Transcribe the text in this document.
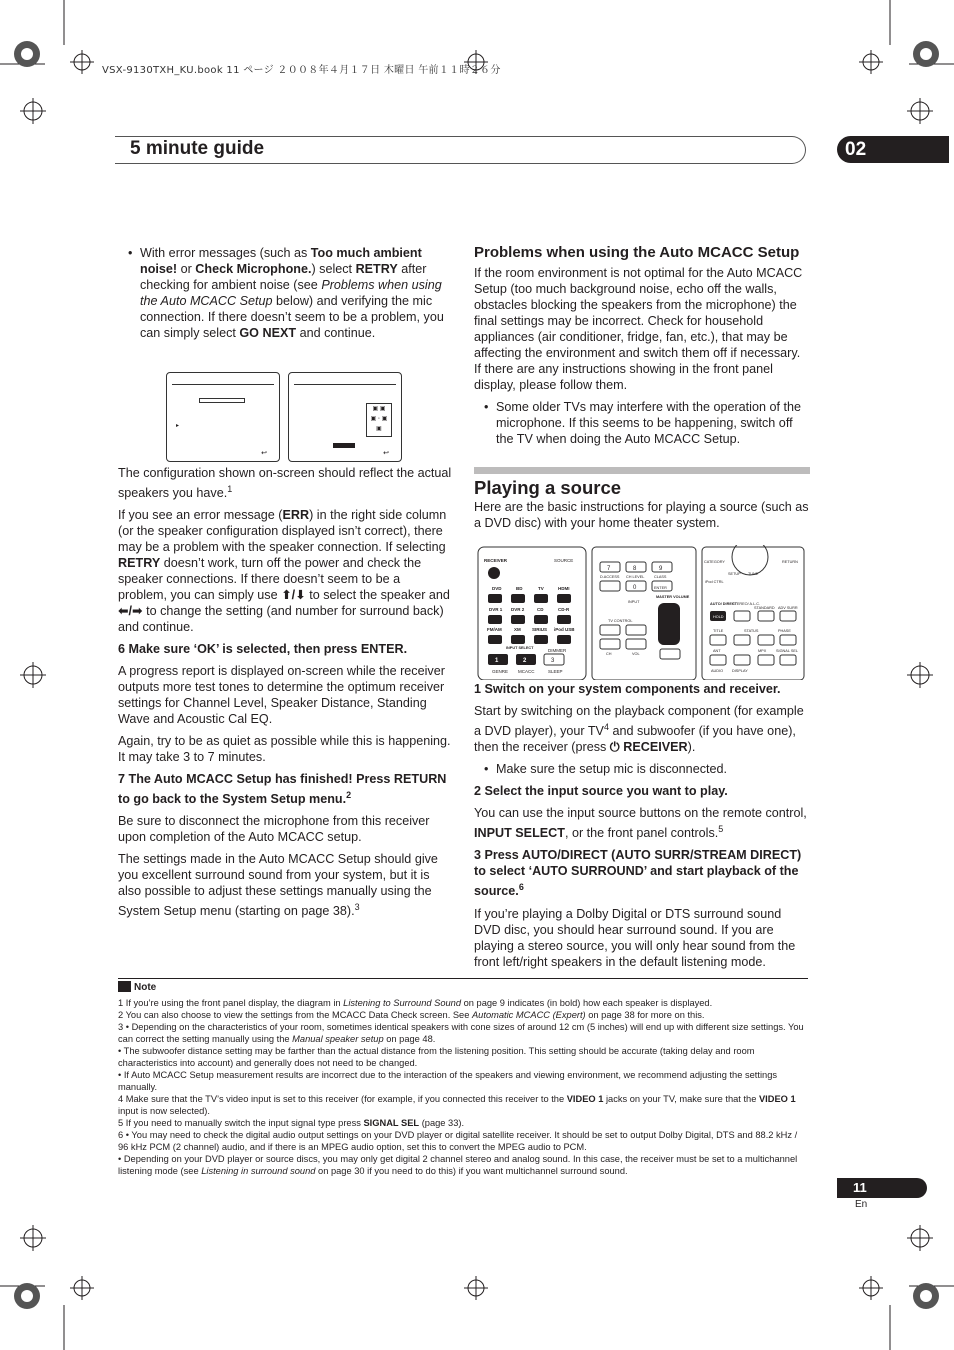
VSX-9130TXH_KU.book 11 ページ ２００８年４月１７日 木曜日 午前１１時２６分
5 minute guide	02

• With error messages (such as Too much ambient noise! or Check Microphone.) select RETRY after checking for ambient noise (see Problems when using the Auto MCACC Setup below) and verifying the mic connection. If there doesn’t seem to be a problem, you can simply select GO NEXT and continue.

The configuration shown on-screen should reflect the actual speakers you have.$^1$

If you see an error message (ERR) in the right side column (or the speaker configuration displayed isn’t correct), there may be a problem with the speaker connection. If selecting RETRY doesn’t work, turn off the power and check the speaker connections. If there doesn’t seem to be a problem, you can simply use ⬆/⬇ to select the speaker and ⬅/➡ to change the setting (and number for surround back) and continue.

6 Make sure ‘OK’ is selected, then press ENTER.

A progress report is displayed on-screen while the receiver outputs more test tones to determine the optimum receiver settings for Channel Level, Speaker Distance, Standing Wave and Acoustic Cal EQ.

Again, try to be as quiet as possible while this is happening. It may take 3 to 7 minutes.

7 The Auto MCACC Setup has finished! Press RETURN to go back to the System Setup menu.$^2$

Be sure to disconnect the microphone from this receiver upon completion of the Auto MCACC setup.

The settings made in the Auto MCACC Setup should give you excellent surround sound from your system, but it is also possible to adjust these settings manually using the System Setup menu (starting on page 38).$^3$

▸
↩
▣ ▣
▣ ◦ ▣
▣
↩
Problems when using the Auto MCACC Setup

If the room environment is not optimal for the Auto MCACC Setup (too much background noise, echo off the walls, obstacles blocking the speakers from the microphone) the final settings may be incorrect. Check for household appliances (air conditioner, fridge, fan, etc.), that may be affecting the environment and switch them off if necessary. If there are any instructions showing in the front panel display, please follow them.

• Some older TVs may interfere with the operation of the microphone. If this seems to be happening, switch off the TV when doing the Auto MCACC Setup.

Playing a source

Here are the basic instructions for playing a source (such as a DVD disc) with your home theater system.

1 Switch on your system components and receiver.

Start by switching on the playback component (for example a DVD player), your $TV^4$ and subwoofer (if you have one), then the receiver (press ⏻ RECEIVER).

• Make sure the setup mic is disconnected.

2 Select the input source you want to play.

You can use the input source buttons on the remote control, INPUT SELECT, or the front panel controls.$^5$

3 Press AUTO/DIRECT (AUTO SURR/STREAM DIRECT) to select ‘AUTO SURROUND’ and start playback of the source.$^6$

If you’re playing a Dolby Digital or DTS surround sound DVD disc, you should hear surround sound. If you are playing a stereo source, you will only hear sound from the front left/right speakers in the default listening mode.

RECEIVER	SOURCE
DVD	BD	TV	HDMI
DVR 1 DVR 2	CD	CD-R
FM/AM	XM	SIRIUS iPod USB
INPUT SELECT	DIMMER
GENRE MCACC	SLEEP
1	2	3
7	8	9
0
D.ACCESS CH LEVEL	CLASS
ENTER
MASTER VOLUME
INPUT
TV CONTROL
CH	VOL
MUTE
CATEGORY
SETUP TUNE
RETURN
iPod CTRL
AUTO/ DIRECT
STEREO/ A.L.C.
STANDARD ADV SURR
TITLE	STATUS	PHASE
ANT	MPX	SIGNAL SEL
AUDIO DISPLAY
HOLD
Note

1 If you’re using the front panel display, the diagram in Listening to Surround Sound on page 9 indicates (in bold) how each speaker is displayed.

2 You can also choose to view the settings from the MCACC Data Check screen. See Automatic MCACC (Expert) on page 38 for more on this.

3 • Depending on the characteristics of your room, sometimes identical speakers with cone sizes of around 12 cm (5 inches) will end up with different size settings. You can correct the setting manually using the Manual speaker setup on page 48.

• The subwoofer distance setting may be farther than the actual distance from the listening position. This setting should be accurate (taking delay and room characteristics into account) and generally does not need to be changed.

• If Auto MCACC Setup measurement results are incorrect due to the interaction of the speakers and viewing environment, we recommend adjusting the settings manually.

4 Make sure that the TV’s video input is set to this receiver (for example, if you connected this receiver to the VIDEO 1 jacks on your TV, make sure that the VIDEO 1 input is now selected).

5 If you need to manually switch the input signal type press SIGNAL SEL (page 33).

6 • You may need to check the digital audio output settings on your DVD player or digital satellite receiver. It should be set to output Dolby Digital, DTS and 88.2 kHz / 96 kHz PCM (2 channel) audio, and if there is an MPEG audio option, set this to convert the MPEG audio to PCM.

• Depending on your DVD player or source discs, you may only get digital 2 channel stereo and analog sound. In this case, the receiver must be set to a multichannel listening mode (see Listening in surround sound on page 30 if you need to do this) if you want multichannel surround sound.

11
En
